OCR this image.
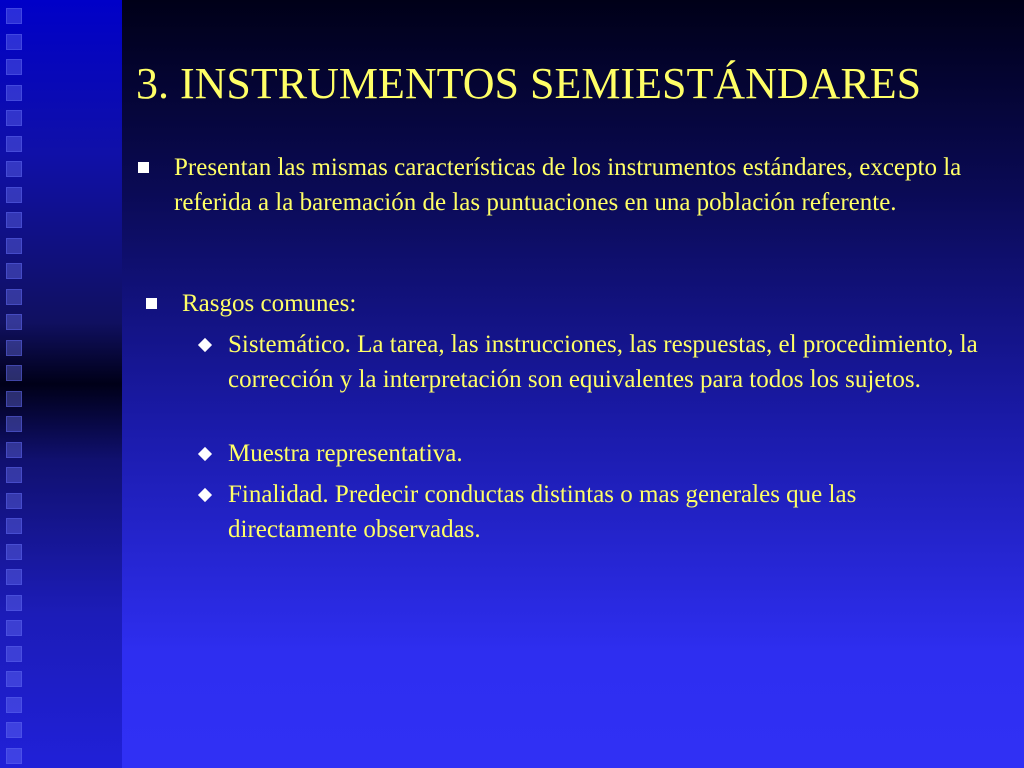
3. INSTRUMENTOS SEMIESTÁNDARES
Presentan las mismas características de los instrumentos estándares, excepto la referida a la baremación de las puntuaciones en una población referente.
Rasgos comunes:
Sistemático. La tarea, las instrucciones, las respuestas, el procedimiento, la corrección y la interpretación son equivalentes para todos los sujetos.
Muestra representativa.
Finalidad. Predecir conductas distintas o mas generales que las directamente observadas.
